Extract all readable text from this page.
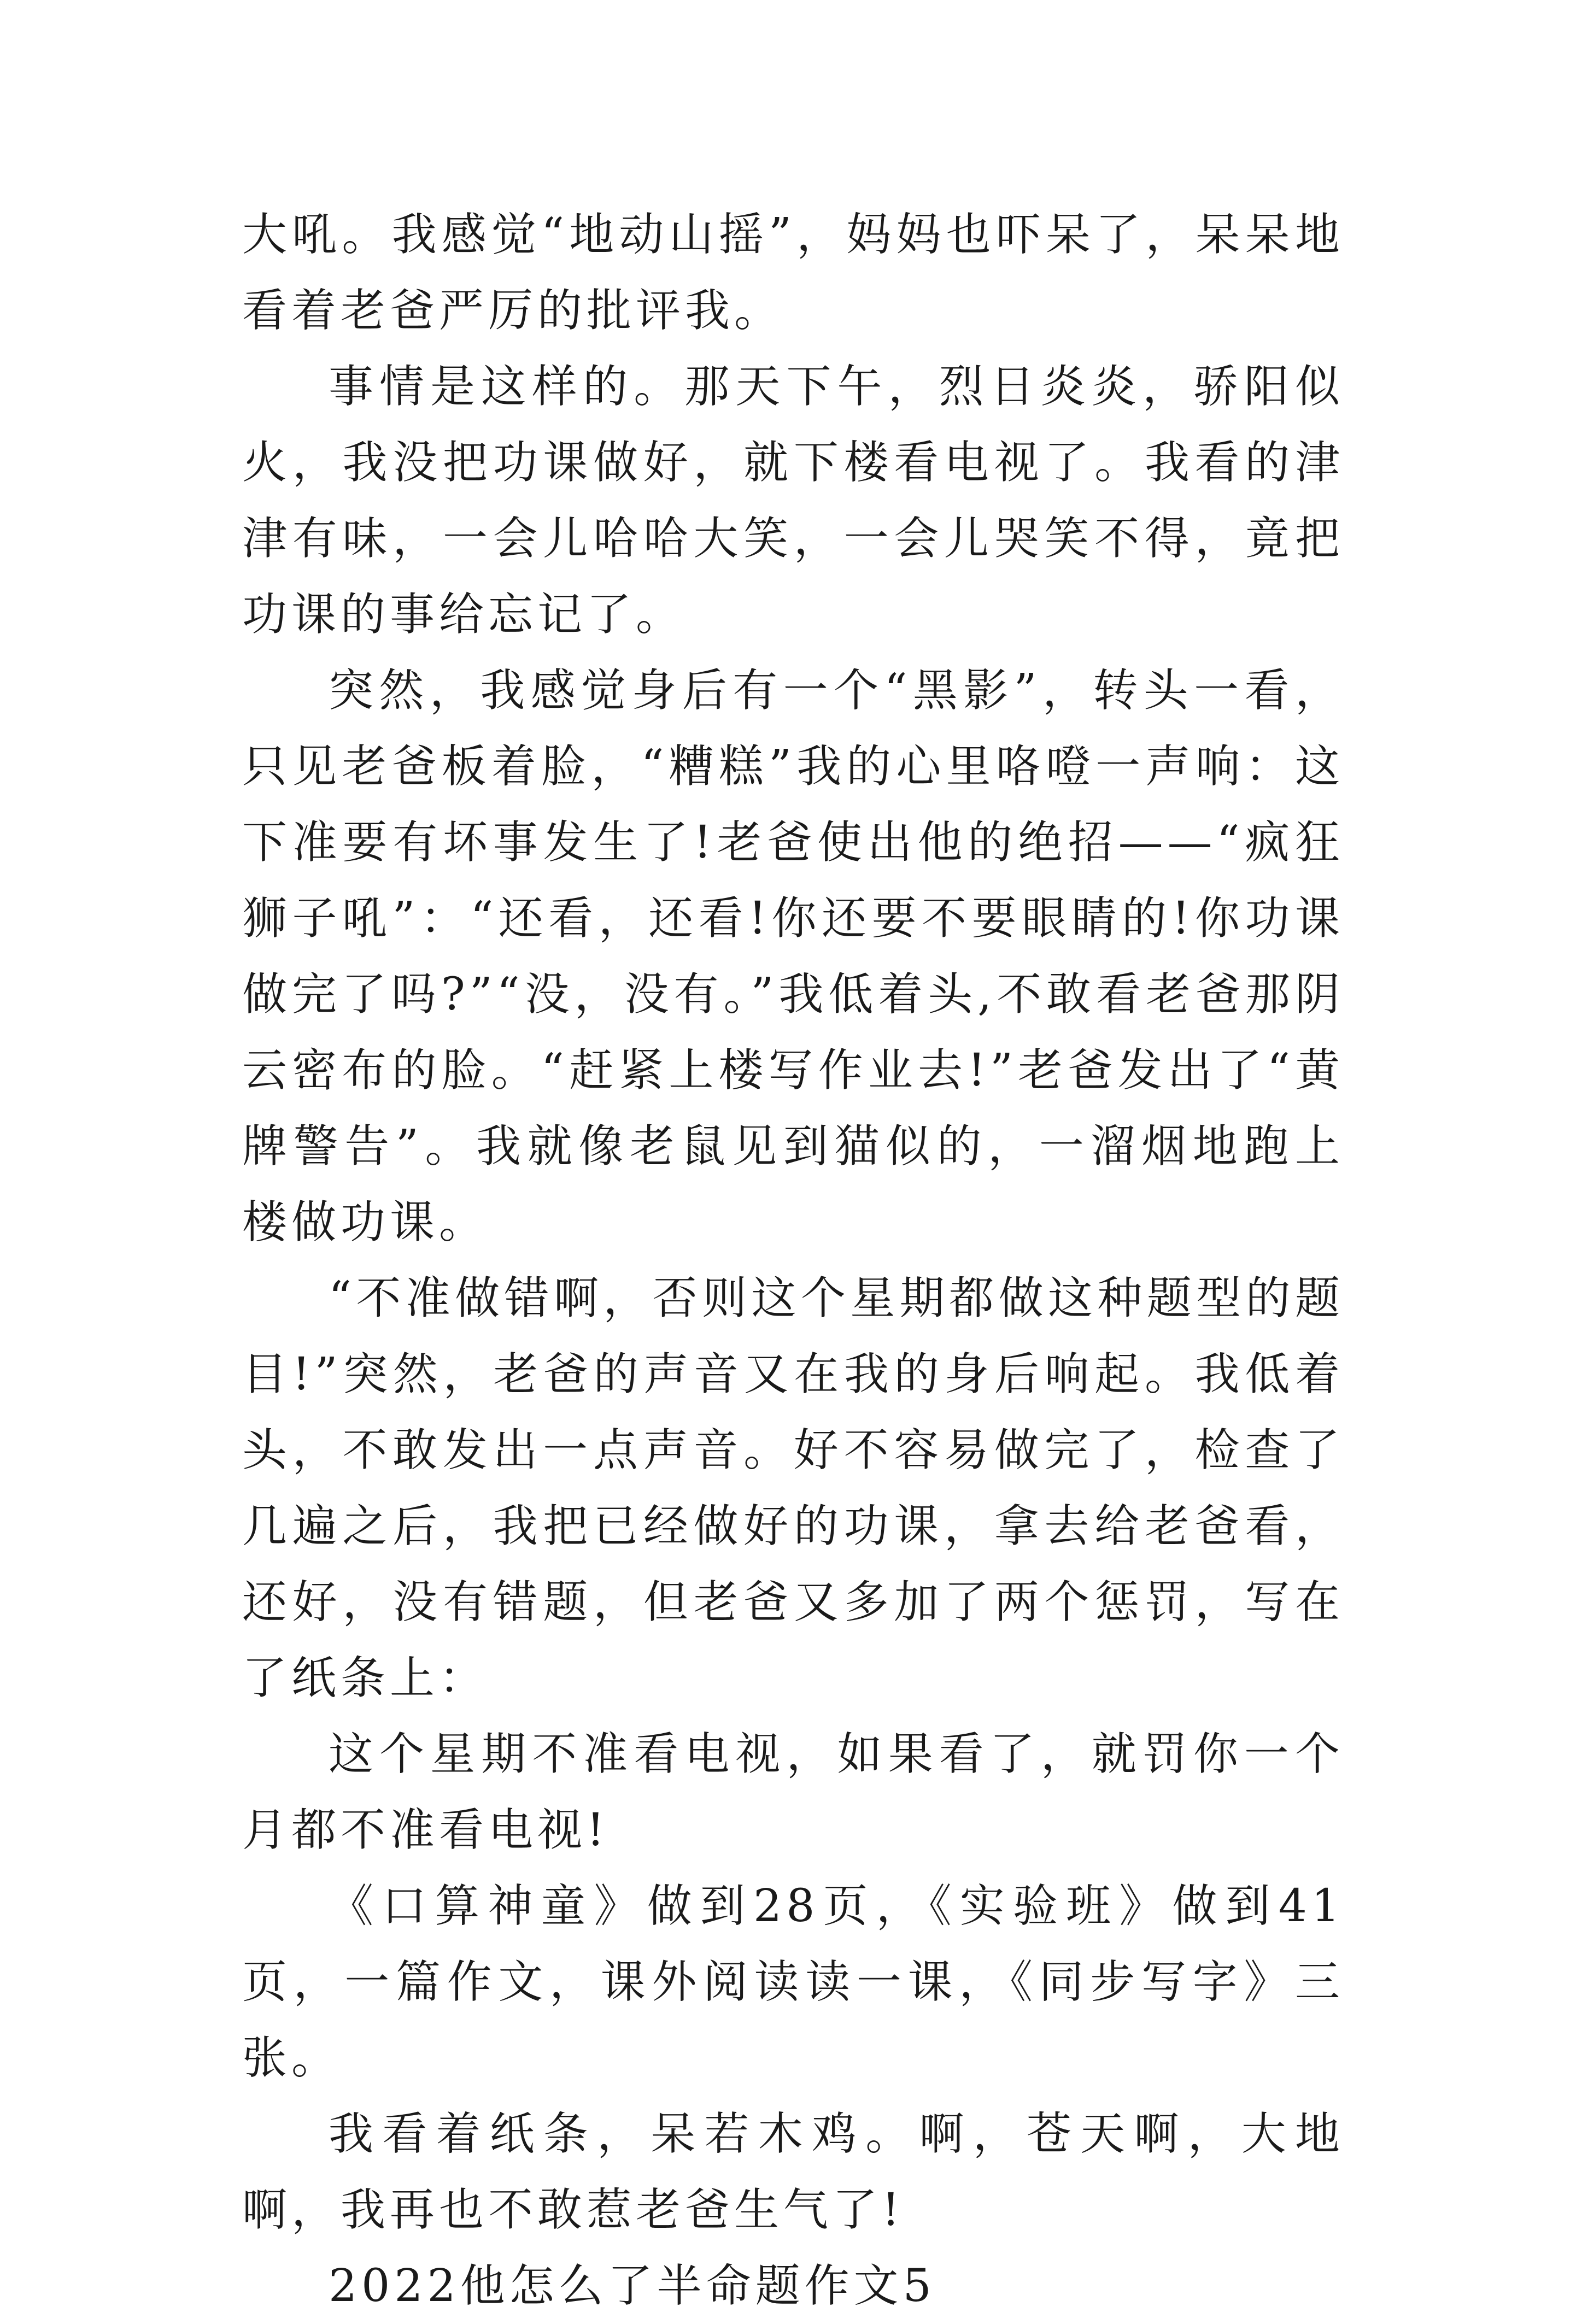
大吼。我感觉“地动山摇”，妈妈也吓呆了，呆呆地看着老爸严厉的批评我。

事情是这样的。那天下午，烈日炎炎，骄阳似火，我没把功课做好，就下楼看电视了。我看的津津有味，一会儿哈哈大笑，一会儿哭笑不得，竟把功课的事给忘记了。

突然，我感觉身后有一个“黑影”，转头一看，只见老爸板着脸，“糟糕”我的心里咯噔一声响：这下准要有坏事发生了!老爸使出他的绝招——“疯狂狮子吼”：“还看，还看!你还要不要眼睛的!你功课做完了吗?”“没，没有。”我低着头,不敢看老爸那阴云密布的脸。“赶紧上楼写作业去!”老爸发出了“黄牌警告”。我就像老鼠见到猫似的，一溜烟地跑上楼做功课。

“不准做错啊，否则这个星期都做这种题型的题目!”突然，老爸的声音又在我的身后响起。我低着头，不敢发出一点声音。好不容易做完了，检查了几遍之后，我把已经做好的功课，拿去给老爸看，还好，没有错题，但老爸又多加了两个惩罚，写在了纸条上：

这个星期不准看电视，如果看了，就罚你一个月都不准看电视!

《口算神童》做到28页，《实验班》做到41页，一篇作文，课外阅读读一课，《同步写字》三张。

我看着纸条，呆若木鸡。啊，苍天啊，大地啊，我再也不敢惹老爸生气了!

2022他怎么了半命题作文5
